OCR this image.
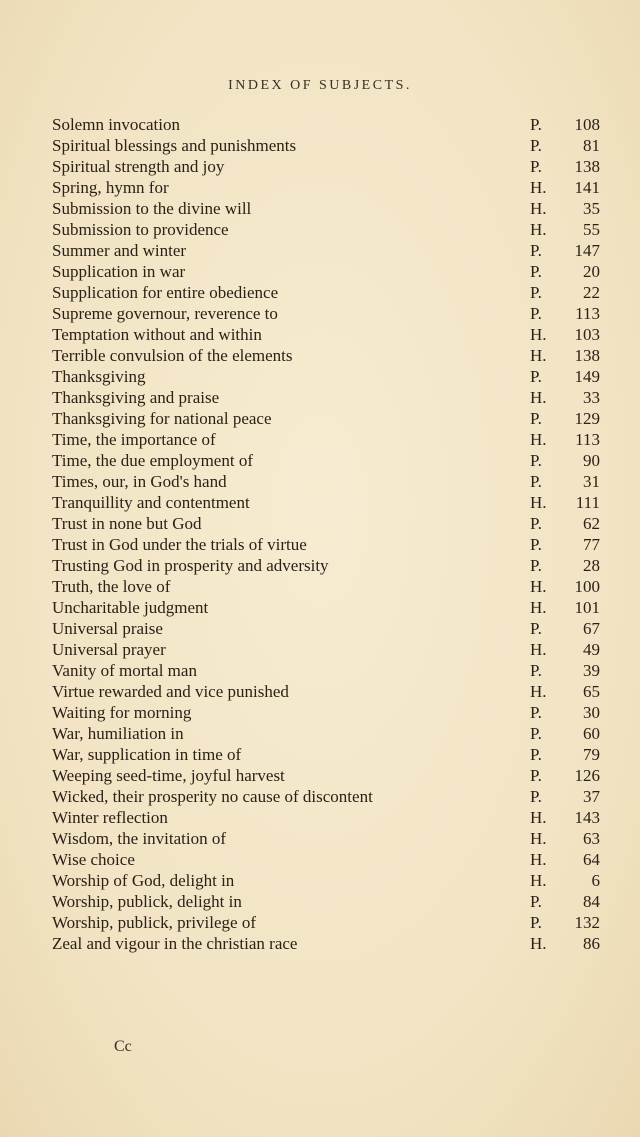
INDEX OF SUBJECTS.
Solemn invocation	P. 108
Spiritual blessings and punishments	P. 81
Spiritual strength and joy	P. 138
Spring, hymn for	H. 141
Submission to the divine will	H. 35
Submission to providence	H. 55
Summer and winter	P. 147
Supplication in war	P. 20
Supplication for entire obedience	P. 22
Supreme governour, reverence to	P. 113
Temptation without and within	H. 103
Terrible convulsion of the elements	H. 138
Thanksgiving	P. 149
Thanksgiving and praise	H. 33
Thanksgiving for national peace	P. 129
Time, the importance of	H. 113
Time, the due employment of	P. 90
Times, our, in God's hand	P. 31
Tranquillity and contentment	H. 111
Trust in none but God	P. 62
Trust in God under the trials of virtue	P. 77
Trusting God in prosperity and adversity	P. 28
Truth, the love of	H. 100
Uncharitable judgment	H. 101
Universal praise	P. 67
Universal prayer	H. 49
Vanity of mortal man	P. 39
Virtue rewarded and vice punished	H. 65
Waiting for morning	P. 30
War, humiliation in	P. 60
War, supplication in time of	P. 79
Weeping seed-time, joyful harvest	P. 126
Wicked, their prosperity no cause of discontent	P. 37
Winter reflection	H. 143
Wisdom, the invitation of	H. 63
Wise choice	H. 64
Worship of God, delight in	H.	6
Worship, publick, delight in	P. 84
Worship, publick, privilege of	P. 132
Zeal and vigour in the christian race	H. 86
Cc
